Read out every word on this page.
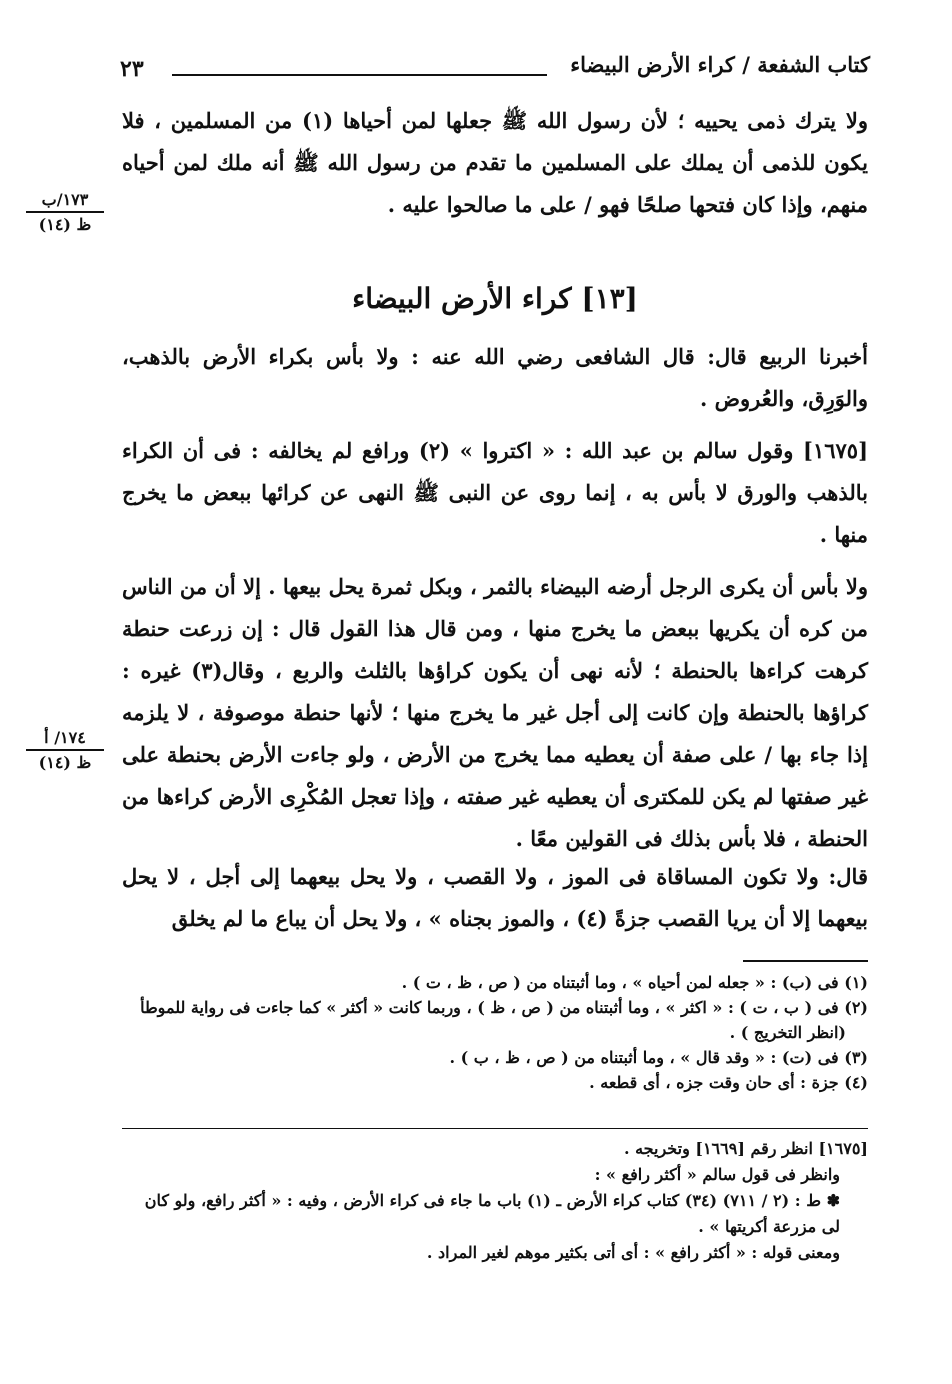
كتاب الشفعة / كراء الأرض البيضاء
٢٣
١٧٣/ب
ظ (١٤)
١٧٤/ أ
ظ (١٤)

ولا يترك ذمى يحييه ؛ لأن رسول الله ﷺ جعلها لمن أحياها (١) من المسلمين ، فلا يكون للذمى أن يملك على المسلمين ما تقدم من رسول الله ﷺ أنه ملك لمن أحياه منهم، وإذا كان فتحها صلحًا فهو / على ما صالحوا عليه .

[١٣] كراء الأرض البيضاء

أخبرنا الربيع قال: قال الشافعى رضي الله عنه : ولا بأس بكراء الأرض بالذهب، والوَرِق، والعُروض .

[١٦٧٥] وقول سالم بن عبد الله : « اكتروا » (٢) ورافع لم يخالفه : فى أن الكراء بالذهب والورق لا بأس به ، إنما روى عن النبى ﷺ النهى عن كرائها ببعض ما يخرج منها .

ولا بأس أن يكرى الرجل أرضه البيضاء بالثمر ، وبكل ثمرة يحل بيعها . إلا أن من الناس من كره أن يكريها ببعض ما يخرج منها ، ومن قال هذا القول قال : إن زرعت حنطة كرهت كراءها بالحنطة ؛ لأنه نهى أن يكون كراؤها بالثلث والربع ، وقال(٣) غيره : كراؤها بالحنطة وإن كانت إلى أجل غير ما يخرج منها ؛ لأنها حنطة موصوفة ، لا يلزمه إذا جاء بها / على صفة أن يعطيه مما يخرج من الأرض ، ولو جاءت الأرض بحنطة على غير صفتها لم يكن للمكترى أن يعطيه غير صفته ، وإذا تعجل المُكْرِى الأرض كراءها من الحنطة ، فلا بأس بذلك فى القولين معًا .

قال: ولا تكون المساقاة فى الموز ، ولا القصب ، ولا يحل بيعهما إلى أجل ، لا يحل بيعهما إلا أن يريا القصب جزةً (٤) ، والموز بجناه » ، ولا يحل أن يباع ما لم يخلق

(١) فى (ب) : « جعله لمن أحياه » ، وما أثبتناه من ( ص ، ظ ، ت ) .
(٢) فى ( ب ، ت ) : « اكثر » ، وما أثبتناه من ( ص ، ظ ) ، وربما كانت « أكثر » كما جاءت فى رواية للموطأ
(انظر التخريج ) .
(٣) فى (ت) : « وقد قال » ، وما أثبتناه من ( ص ، ظ ، ب ) .
(٤) جزة : أى حان وقت جزه ، أى قطعه .
[١٦٧٥] انظر رقم [١٦٦٩] وتخريجه .
وانظر فى قول سالم « أكثر رافع » :
✽ ط : (٢ / ٧١١) (٣٤) كتاب كراء الأرض ـ (١) باب ما جاء فى كراء الأرض ، وفيه : « أكثر رافع، ولو كان لى مزرعة أكريتها » .
ومعنى قوله : « أكثر رافع » : أى أتى بكثير موهم لغير المراد .
